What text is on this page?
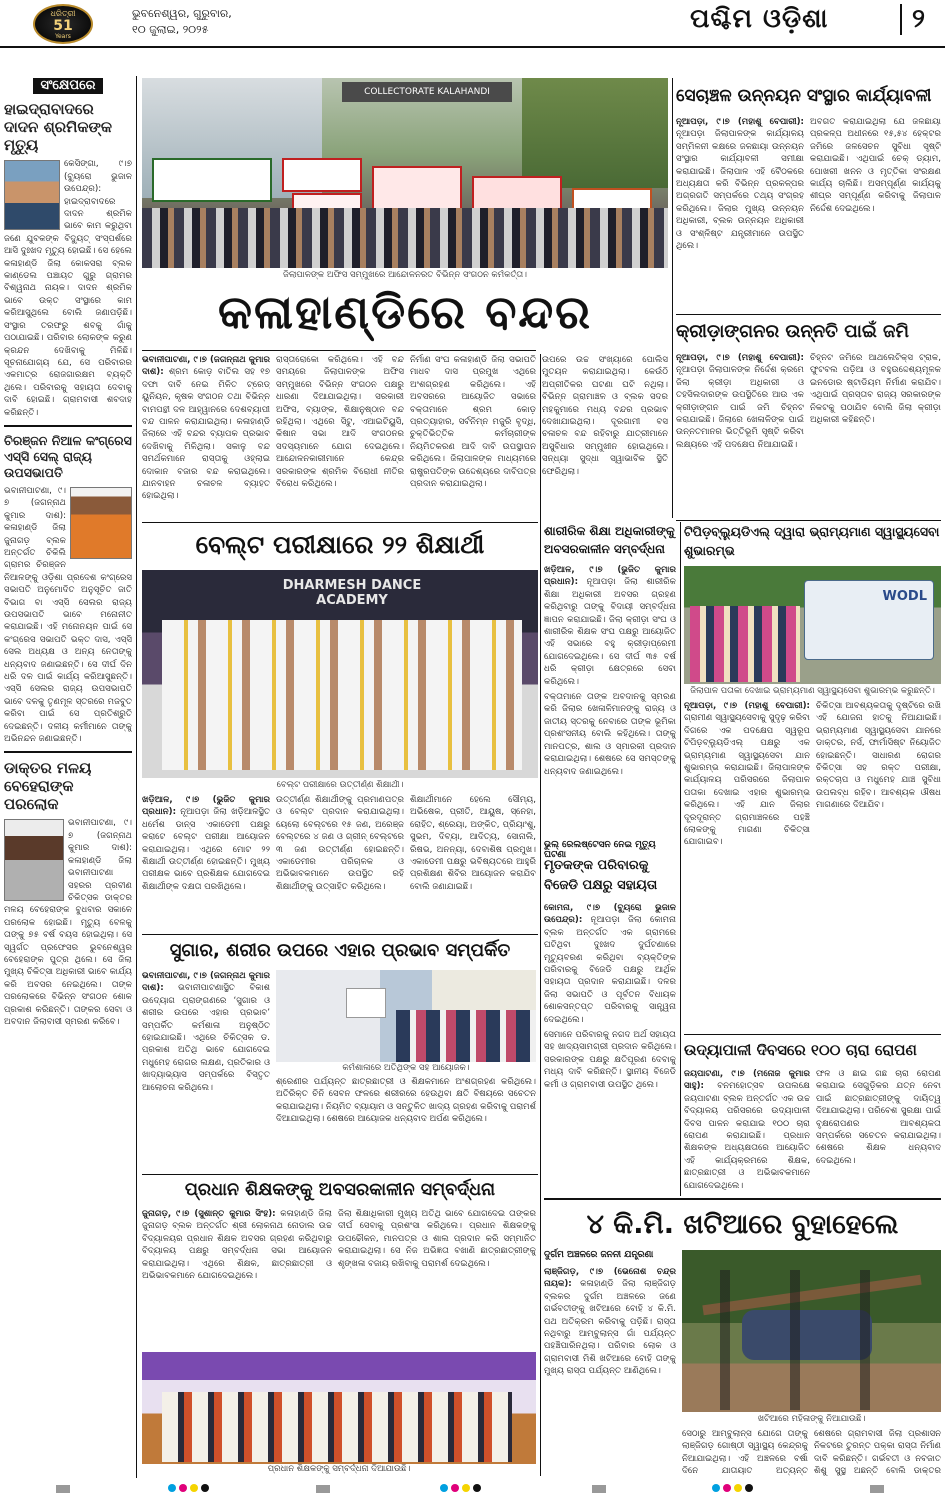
ଧରିତ୍ରୀ
51
Years
ଭୁବନେଶ୍ୱର, ଗୁରୁବାର,
୧୦ ଜୁଲାଇ, ୨୦୨୫	ପଶ୍ଚିମ ଓଡ଼ିଶା	୨
ସଂକ୍ଷେପରେ
ହାଇଦ୍ରାବାଦରେ ଦାଦନ ଶ୍ରମିକଙ୍କ ମୃତ୍ୟୁ

କେସିଙ୍ଗା, ୯।୭ (ବ୍ୟୁରୋ ଭୁଜାଳ ଉପେନ୍ଦ୍ର): ହାଇଦ୍ରାବାଦରେ ଦାଦନ ଶ୍ରମିକ ଭାବେ କାମ କରୁଥିବା ଜଣେ ଯୁବକଙ୍କ ବିଦ୍ୟୁତ୍ ସଂସ୍ପର୍ଶରେ ଆସି ଦୁଃଖଦ ମୃତ୍ୟୁ ହୋଇଛି। ସେ ହେଲେ କଳାହାଣ୍ଡି ଜିଲା କୋକସରା ବ୍ଲକ କାଣ୍ଡେଲ ପଞ୍ଚାୟତ ଗୁରୁ ଗ୍ରାମର ବିଶ୍ୱନାଥ ନାୟକ। ଦାଦନ ଶ୍ରମିକ ଭାବେ ଉକ୍ତ ସଂସ୍ଥାରେ କାମ କରିଆସୁଥିଲେ ବୋଲି ଜଣାପଡ଼ିଛି। ସଂସ୍ଥାର ତରଫରୁ ଶବକୁ ଗାଁକୁ ପଠାଯାଇଛି। ପରିବାର ଲୋକଙ୍କ କରୁଣ କ୍ରନ୍ଦନ ଦେଖିବାକୁ ମିଳିଛି। ସୂଚନାଯୋଗ୍ୟ ଯେ, ସେ ପରିବାରର ଏକମାତ୍ର ରୋଜଗାରକ୍ଷମ ବ୍ୟକ୍ତି ଥିଲେ। ପରିବାରକୁ ସହାୟତା ଦେବାକୁ ଦାବି ହୋଇଛି। ଗ୍ରାମବାସୀ ଶବଦାହ କରିଛନ୍ତି।

ଚିରଞ୍ଜନ ନିଆଳ କଂଗ୍ରେସ ଏସ୍‌ସି ସେଲ୍ ରାଜ୍ୟ ଉପସଭାପତି

ଭବାନୀପାଟଣା, ୯।୭ (ଜଗନ୍ନାଥ କୁମାର ଦାଶ): କଳାହାଣ୍ଡି ଜିଲା ଜୁନାଗଡ଼ ବ୍ଲକ ଅନ୍ତର୍ଗତ ଚିକିଲି ଗ୍ରାମର ଚିରଞ୍ଜନ ନିଆଳଙ୍କୁ ଓଡ଼ିଶା ପ୍ରଦେଶ କଂଗ୍ରେସ ସଭାପତି ଅନୁମୋଦିତ ଅନୁସୂଚିତ ଜାତି ବିଭାଗ ବା ଏସ୍‌ସି ସେଲର ରାଜ୍ୟ ଉପସଭାପତି ଭାବେ ମନୋନୀତ କରାଯାଇଛି। ଏହି ମନୋନୟନ ପାଇଁ ସେ କଂଗ୍ରେସ ସଭାପତି ଭକ୍ତ ଦାସ, ଏସ୍‌ସି ସେଲ ଅଧ୍ୟକ୍ଷ ଓ ଅନ୍ୟ ନେତାଙ୍କୁ ଧନ୍ୟବାଦ ଜଣାଇଛନ୍ତି। ସେ ଦୀର୍ଘ ଦିନ ଧରି ଦଳ ପାଇଁ କାର୍ଯ୍ୟ କରିଆସୁଛନ୍ତି। ଏସ୍‌ସି ସେଲର ରାଜ୍ୟ ଉପସଭାପତି ଭାବେ ଦଳକୁ ତୃଣମୂଳ ସ୍ତରରେ ମଜବୁତ କରିବା ପାଇଁ ସେ ପ୍ରତିଶ୍ରୁତି ଦେଇଛନ୍ତି। ଦଳୀୟ କର୍ମୀମାନେ ତାଙ୍କୁ ଅଭିନନ୍ଦନ ଜଣାଇଛନ୍ତି।

ଡାକ୍ତର ମଳୟ ବେହେରାଙ୍କ ପରଲୋକ

ଭବାନୀପାଟଣା, ୯।୭ (ଜଗନ୍ନାଥ କୁମାର ଦାଶ): କଳାହାଣ୍ଡି ଜିଲା ଭବାନୀପାଟଣା ସହରର ପ୍ରବୀଣ ଚିକିତ୍ସକ ଡାକ୍ତର ମଳୟ ବେହେରାଙ୍କ ବୁଧବାର ସକାଳେ ପରଲୋକ ହୋଇଛି। ମୃତ୍ୟୁ ବେଳକୁ ତାଙ୍କୁ ୭୫ ବର୍ଷ ବୟସ ହୋଇଥିଲା। ସେ ସ୍ୱର୍ଗତ ପ୍ରଫେସର ଭୁବନେଶ୍ୱର ବେହେରାଙ୍କ ପୁତ୍ର ଥିଲେ। ସେ ଜିଲା ମୁଖ୍ୟ ଚିକିତ୍ସା ଅଧିକାରୀ ଭାବେ କାର୍ଯ୍ୟ କରି ଅବସର ନେଇଥିଲେ। ତାଙ୍କ ପରଲୋକରେ ବିଭିନ୍ନ ସଂଗଠନ ଶୋକ ପ୍ରକାଶ କରିଛନ୍ତି। ତାଙ୍କର ସେବା ଓ ଅବଦାନ ଜିଲାବାସୀ ସ୍ମରଣ କରିବେ।

COLLECTORATE KALAHANDI
ଜିଲାପାଳଙ୍କ ଅଫିସ ସମ୍ମୁଖରେ ଆନ୍ଦୋଳନରତ ବିଭିନ୍ନ ସଂଗଠନ କର୍ମକର୍ତ୍ତା।
କଳାହାଣ୍ଡିରେ ବନ୍ଦର

ଭବାନୀପାଟଣା, ୯।୭ (ଜଗନ୍ନାଥ କୁମାର ଦାଶ): ଶ୍ରମ କୋଡ଼ ବାତିଲ ସହ ୧୭ ଦଫା ଦାବି ନେଇ ମିଳିତ ଟ୍ରେଡ୍ ୟୁନିୟନ, କୃଷକ ସଂଗଠନ ତଥା ବିଭିନ୍ନ ବାମପନ୍ଥୀ ଦଳ ଆହ୍ୱାନରେ ଦେଶବ୍ୟାପୀ ବନ୍ଦ ପାଳନ କରାଯାଇଥିଲା। କଳାହାଣ୍ଡି ଜିଲାରେ ଏହି ବନ୍ଦର ବ୍ୟାପକ ପ୍ରଭାବ ଦେଖିବାକୁ ମିଳିଥିଲା। ସକାଳୁ ବନ୍ଦ ସମର୍ଥକମାନେ ରାସ୍ତାକୁ ଓହ୍ଲାଇ ଦୋକାନ ବଜାର ବନ୍ଦ କରାଇଥିଲେ। ଯାନବାହନ ଚଳାଚଳ ବ୍ୟାହତ ହୋଇଥିଲା।

ରାସ୍ତାରୋକୋ କରିଥିଲେ। ଏହି ବନ୍ଦ ସମୟରେ ଜିଲାପାଳଙ୍କ ଅଫିସ ସମ୍ମୁଖରେ ବିଭିନ୍ନ ସଂଗଠନ ପକ୍ଷରୁ ଧାରଣା ଦିଆଯାଇଥିଲା। ସରକାରୀ ଅଫିସ, ବ୍ୟାଙ୍କ, ଶିକ୍ଷାନୁଷ୍ଠାନ ବନ୍ଦ ରହିଥିଲା। ଏଥିରେ ସିଟୁ, ଏଆଇଟିୟୁସି, କିଷାନ ସଭା ଆଦି ସଂଗଠନର ସଦସ୍ୟମାନେ ଯୋଗ ଦେଇଥିଲେ। ଆନ୍ଦୋଳନକାରୀମାନେ କେନ୍ଦ୍ର ସରକାରଙ୍କ ଶ୍ରମିକ ବିରୋଧୀ ନୀତିର ବିରୋଧ କରିଥିଲେ।

ନିର୍ମାଣ ସଂଘ କଳାହାଣ୍ଡି ଜିଲା ସଭାପତି ମାଧବ ଦାସ ପ୍ରମୁଖ ଏଥିରେ ଅଂଶଗ୍ରହଣ କରିଥିଲେ। ଏହି ଅବସରରେ ଆୟୋଜିତ ସଭାରେ ବକ୍ତାମାନେ ଶ୍ରମ କୋଡ଼ ପ୍ରତ୍ୟାହାର, ସର୍ବନିମ୍ନ ମଜୁରି ବୃଦ୍ଧି, ଚୁକ୍ତିଭିତ୍ତିକ କର୍ମଚାରୀଙ୍କ ନିୟମିତକରଣ ଆଦି ଦାବି ଉପସ୍ଥାପନ କରିଥିଲେ। ଜିଲାପାଳଙ୍କ ମାଧ୍ୟମରେ ରାଷ୍ଟ୍ରପତିଙ୍କ ଉଦ୍ଦେଶ୍ୟରେ ଦାବିପତ୍ର ପ୍ରଦାନ କରାଯାଇଥିଲା।

ଉପରେ ଉଚ୍ଚ ସଂଖ୍ୟାରେ ପୋଲିସ ମୁତୟନ କରାଯାଇଥିଲା। କେଉଁଠି ଅପ୍ରୀତିକର ଘଟଣା ଘଟି ନଥିଲା। ବିଭିନ୍ନ ଗ୍ରାମାଞ୍ଚଳ ଓ ବ୍ଲକ ସଦର ମହକୁମାରେ ମଧ୍ୟ ବନ୍ଦର ପ୍ରଭାବ ଦେଖାଯାଇଥିଲା। ଦୂରଗାମୀ ବସ ଚଳାଚଳ ବନ୍ଦ ରହିବାରୁ ଯାତ୍ରୀମାନେ ଅସୁବିଧାର ସମ୍ମୁଖୀନ ହୋଇଥିଲେ। ସନ୍ଧ୍ୟା ସୁଦ୍ଧା ସ୍ୱାଭାବିକ ସ୍ଥିତି ଫେରିଥିଲା।

ବେଲ୍ଟ ପରୀକ୍ଷାରେ ୨୨ ଶିକ୍ଷାର୍ଥୀ
DHARMESH DANCE ACADEMY
ବେଲ୍ଟ ପରୀକ୍ଷାରେ ଉତ୍ତୀର୍ଣ୍ଣ ଶିକ୍ଷାର୍ଥୀ।

ଖଡ଼ିଆଳ, ୯।୭ (ଭୁଜିତ କୁମାର ପ୍ରଧାନ): ନୂଆପଡ଼ା ଜିଲା ଖଡ଼ିଆଳସ୍ଥିତ ଧର୍ମେଶ ଡାନ୍ସ ଏକାଡେମୀ ପକ୍ଷରୁ କରାଟେ ବେଲ୍ଟ ପରୀକ୍ଷା ଆୟୋଜନ କରାଯାଇଥିଲା। ଏଥିରେ ମୋଟ ୨୨ ଶିକ୍ଷାର୍ଥୀ ଉତ୍ତୀର୍ଣ୍ଣ ହୋଇଛନ୍ତି। ମୁଖ୍ୟ ପରୀକ୍ଷକ ଭାବେ ପ୍ରଶିକ୍ଷକ ଯୋଗଦେଇ ଶିକ୍ଷାର୍ଥୀଙ୍କ ଦକ୍ଷତା ପରଖିଥିଲେ।

ଉତ୍ତୀର୍ଣ୍ଣ ଶିକ୍ଷାର୍ଥୀଙ୍କୁ ପ୍ରମାଣପତ୍ର ଓ ବେଲ୍ଟ ପ୍ରଦାନ କରାଯାଇଥିଲା। ୟେଲୋ ବେଲ୍ଟରେ ୧୫ ଜଣ, ଅରେଞ୍ଜ ବେଲ୍ଟରେ ୪ ଜଣ ଓ ଗ୍ରୀନ୍ ବେଲ୍ଟରେ ୩ ଜଣ ଉତ୍ତୀର୍ଣ୍ଣ ହୋଇଛନ୍ତି। ଏକାଡେମୀର ପରିଚାଳକ ଓ ଅଭିଭାବକମାନେ ଉପସ୍ଥିତ ରହି ଶିକ୍ଷାର୍ଥୀଙ୍କୁ ଉତ୍ସାହିତ କରିଥିଲେ।

ଶିକ୍ଷାର୍ଥୀମାନେ ହେଲେ ସୌମ୍ୟ, ଅଭିଷେକ, ପ୍ରୀତି, ଆୟୁଷ, ସ୍ନେହା, ରୋହିତ, ଶ୍ରେୟା, ଅଙ୍କିତ, ପ୍ରିୟାଂଶୁ, ସୁଭମ, ଦିବ୍ୟା, ଆଦିତ୍ୟ, ସୋନାଲି, ରିଷଭ, ଅନନ୍ୟା, ଦେବାଶିଷ ପ୍ରମୁଖ। ଏକାଡେମୀ ପକ୍ଷରୁ ଭବିଷ୍ୟତରେ ଆହୁରି ପ୍ରଶିକ୍ଷଣ ଶିବିର ଆୟୋଜନ କରାଯିବ ବୋଲି ଜଣାଯାଇଛି।

ସୁଗାର, ଶରୀର ଉପରେ ଏହାର ପ୍ରଭାବ ସମ୍ପର୍କିତ

ଭବାନୀପାଟଣା, ୯।୭ (ଜଗନ୍ନାଥ କୁମାର ଦାଶ): ଭବାନୀପାଟଣାସ୍ଥିତ ବିକାଶ ଉଦ୍ୟୋଗ ପ୍ରାଙ୍ଗଣରେ ‘ସୁଗାର ଓ ଶରୀର ଉପରେ ଏହାର ପ୍ରଭାବ’ ସମ୍ପର୍କିତ କର୍ମଶାଳା ଅନୁଷ୍ଠିତ ହୋଇଯାଇଛି। ଏଥିରେ ଚିକିତ୍ସକ ଡ. ପ୍ରକାଶ ଅତିଥି ଭାବେ ଯୋଗଦେଇ ମଧୁମେହ ରୋଗର ଲକ୍ଷଣ, ପ୍ରତିକାର ଓ ଖାଦ୍ୟାଭ୍ୟାସ ସମ୍ପର୍କରେ ବିସ୍ତୃତ ଆଲୋଚନା କରିଥିଲେ।

କର୍ମଶାଳାରେ ଅତିଥିଙ୍କ ସହ ଆୟୋଜକ।

ଶ୍ରେଣୀର ପର୍ଯ୍ୟନ୍ତ ଛାତ୍ରଛାତ୍ରୀ ଓ ଶିକ୍ଷକମାନେ ଅଂଶଗ୍ରହଣ କରିଥିଲେ। ଅତିରିକ୍ତ ଚିନି ସେବନ ଫଳରେ ଶରୀରରେ ହେଉଥିବା କ୍ଷତି ବିଷୟରେ ସଚେତନ କରାଯାଇଥିଲା। ନିୟମିତ ବ୍ୟାୟାମ ଓ ସନ୍ତୁଳିତ ଖାଦ୍ୟ ଗ୍ରହଣ କରିବାକୁ ପରାମର୍ଶ ଦିଆଯାଇଥିଲା। ଶେଷରେ ଆୟୋଜକ ଧନ୍ୟବାଦ ଅର୍ପଣ କରିଥିଲେ।

ପ୍ରଧାନ ଶିକ୍ଷକଙ୍କୁ ଅବସରକାଳୀନ ସମ୍ବର୍ଦ୍ଧନା

ଜୁନାଗଡ଼, ୯।୭ (ସୁଶାନ୍ତ କୁମାର ସିଂହ): କଳାହାଣ୍ଡି ଜିଲା ଜୁନାଗଡ଼ ବ୍ଲକ ଅନ୍ତର୍ଗତ ଶ୍ରୀ ଲୋକନାଥ ନୋଡାଲ ଉଚ୍ଚ ବିଦ୍ୟାଳୟର ପ୍ରଧାନ ଶିକ୍ଷକ ଅବସର ଗ୍ରହଣ କରିଥିବାରୁ ବିଦ୍ୟାଳୟ ପକ୍ଷରୁ ସମ୍ବର୍ଦ୍ଧନା ସଭା ଆୟୋଜନ କରାଯାଇଥିଲା। ଏଥିରେ ଶିକ୍ଷକ, ଛାତ୍ରଛାତ୍ରୀ ଓ ଅଭିଭାବକମାନେ ଯୋଗଦେଇଥିଲେ।

ଜିଲା ଶିକ୍ଷାଧିକାରୀ ମୁଖ୍ୟ ଅତିଥି ଭାବେ ଯୋଗଦେଇ ତାଙ୍କର ଦୀର୍ଘ ସେବାକୁ ପ୍ରଶଂସା କରିଥିଲେ। ପ୍ରଧାନ ଶିକ୍ଷକଙ୍କୁ ଉପଢୌକନ, ମାନପତ୍ର ଓ ଶାଲ ପ୍ରଦାନ କରି ସମ୍ମାନିତ କରାଯାଇଥିଲା। ସେ ନିଜ ଅଭିଜ୍ଞତା ବଖାଣି ଛାତ୍ରଛାତ୍ରୀଙ୍କୁ ଶୃଙ୍ଖଳା ବଜାୟ ରଖିବାକୁ ପରାମର୍ଶ ଦେଇଥିଲେ।

ପ୍ରଧାନ ଶିକ୍ଷକଙ୍କୁ ସମ୍ବର୍ଦ୍ଧନା ଦିଆଯାଉଛି।
ଶାରୀରିକ ଶିକ୍ଷା ଅଧିକାରୀଙ୍କୁ ଅବସରକାଳୀନ ସମ୍ବର୍ଦ୍ଧନା

ଖଡ଼ିଆଳ, ୯।୭ (ଭୁଜିତ କୁମାର ପ୍ରଧାନ): ନୂଆପଡ଼ା ଜିଲା ଶାରୀରିକ ଶିକ୍ଷା ଅଧିକାରୀ ଅବସର ଗ୍ରହଣ କରିଥିବାରୁ ତାଙ୍କୁ ବିଦାୟୀ ସମ୍ବର୍ଦ୍ଧନା ଜ୍ଞାପନ କରାଯାଇଛି। ଜିଲା କ୍ରୀଡ଼ା ସଂଘ ଓ ଶାରୀରିକ ଶିକ୍ଷକ ସଂଘ ପକ୍ଷରୁ ଆୟୋଜିତ ଏହି ସଭାରେ ବହୁ କ୍ରୀଡ଼ାପ୍ରେମୀ ଯୋଗଦେଇଥିଲେ। ସେ ଦୀର୍ଘ ୩୫ ବର୍ଷ ଧରି କ୍ରୀଡ଼ା କ୍ଷେତ୍ରରେ ସେବା କରିଥିଲେ।

ବକ୍ତାମାନେ ତାଙ୍କ ଅବଦାନକୁ ସ୍ମରଣ କରି ଜିଲାର ଖେଳାଳିମାନଙ୍କୁ ରାଜ୍ୟ ଓ ଜାତୀୟ ସ୍ତରକୁ ନେବାରେ ତାଙ୍କ ଭୂମିକା ପ୍ରଶଂସନୀୟ ବୋଲି କହିଥିଲେ। ତାଙ୍କୁ ମାନପତ୍ର, ଶାଲ ଓ ସ୍ମାରକୀ ପ୍ରଦାନ କରାଯାଇଥିଲା। ଶେଷରେ ସେ ସମସ୍ତଙ୍କୁ ଧନ୍ୟବାଦ ଜଣାଇଥିଲେ।

ଭୁଲ୍ ରେଲଷ୍ଟେସନ ନେଇ ମୃତ୍ୟୁ ଘଟଣା
ମୃତକଙ୍କ ପରିବାରକୁ ବିଜେଡି ପକ୍ଷରୁ ସହାୟତା

କୋମନା, ୯।୭ (ବ୍ୟୁରୋ ଭୁଜାଳ ଉପେନ୍ଦ୍ର): ନୂଆପଡ଼ା ଜିଲା କୋମନା ବ୍ଲକ ଅନ୍ତର୍ଗତ ଏକ ଗ୍ରାମରେ ଘଟିଥିବା ଦୁଃଖଦ ଦୁର୍ଘଟଣାରେ ମୃତ୍ୟୁବରଣ କରିଥିବା ବ୍ୟକ୍ତିଙ୍କ ପରିବାରକୁ ବିଜେଡି ପକ୍ଷରୁ ଆର୍ଥିକ ସହାୟତା ପ୍ରଦାନ କରାଯାଇଛି। ଦଳର ଜିଲା ସଭାପତି ଓ ପୂର୍ବତନ ବିଧାୟକ ଶୋକସନ୍ତପ୍ତ ପରିବାରକୁ ସାନ୍ତ୍ୱନା ଦେଇଥିଲେ।

ସେମାନେ ପରିବାରକୁ ନଗଦ ଅର୍ଥ ସହାୟତା ସହ ଖାଦ୍ୟସାମଗ୍ରୀ ପ୍ରଦାନ କରିଥିଲେ। ସରକାରଙ୍କ ପକ୍ଷରୁ କ୍ଷତିପୂରଣ ଦେବାକୁ ମଧ୍ୟ ଦାବି କରିଛନ୍ତି। ସ୍ଥାନୀୟ ବିଜେଡି କର୍ମୀ ଓ ଗ୍ରାମବାସୀ ଉପସ୍ଥିତ ଥିଲେ।

ସେଚାଞ୍ଚଳ ଉନ୍ନୟନ ସଂସ୍ଥାର କାର୍ଯ୍ୟାବଳୀ

ନୂଆପଡ଼ା, ୯।୭ (ମହାଶୁ ବେପାରୀ): ନୂଆପଡ଼ା ଜିଲାପାଳଙ୍କ କାର୍ଯ୍ୟାଳୟ ସମ୍ମିଳନୀ କକ୍ଷରେ ଜଳଛାୟା ଉନ୍ନୟନ ସଂସ୍ଥାର କାର୍ଯ୍ୟାବଳୀ ସମୀକ୍ଷା କରାଯାଇଛି। ଜିଲାପାଳ ଏହି ବୈଠକରେ ଅଧ୍ୟକ୍ଷତା କରି ବିଭିନ୍ନ ପ୍ରକଳ୍ପର ଅଗ୍ରଗତି ସମ୍ପର୍କରେ ତଥ୍ୟ ସଂଗ୍ରହ କରିଥିଲେ। ଜିଲାର ମୁଖ୍ୟ ଉନ୍ନୟନ ଅଧିକାରୀ, ବ୍ଲକ ଉନ୍ନୟନ ଅଧିକାରୀ ଓ ସଂଶ୍ଳିଷ୍ଟ ଯନ୍ତ୍ରୀମାନେ ଉପସ୍ଥିତ ଥିଲେ।

ଅବଗତ କରାଯାଇଥିଲା ଯେ ଜଳଛାୟା ପ୍ରକଳ୍ପ ଅଧୀନରେ ୧୫,୫୪ ହେକ୍ଟର ଜମିରେ ଜଳସେଚନ ସୁବିଧା ସୃଷ୍ଟି କରାଯାଇଛି। ଏଥିପାଇଁ ଚେକ୍ ଡ୍ୟାମ, ପୋଖରୀ ଖନନ ଓ ମୃତ୍ତିକା ସଂରକ୍ଷଣ କାର୍ଯ୍ୟ ଚାଲିଛି। ଅସମ୍ପୂର୍ଣ୍ଣ କାର୍ଯ୍ୟକୁ ଶୀଘ୍ର ସମ୍ପୂର୍ଣ୍ଣ କରିବାକୁ ଜିଲାପାଳ ନିର୍ଦ୍ଦେଶ ଦେଇଥିଲେ।

କ୍ରୀଡ଼ାଙ୍ଗନର ଉନ୍ନତି ପାଇଁ ଜମି

ନୂଆପଡ଼ା, ୯।୭ (ମହାଶୁ ବେପାରୀ): ନୂଆପଡ଼ା ଜିଲାପାଳଙ୍କ ନିର୍ଦ୍ଦେଶ କ୍ରମେ ଜିଲା କ୍ରୀଡ଼ା ଅଧିକାରୀ ଓ ତହସିଲଦାରଙ୍କ ଉପସ୍ଥିତିରେ ଆଉ ଏକ କ୍ରୀଡ଼ାଙ୍ଗନ ପାଇଁ ଜମି ଚିହ୍ନଟ କରାଯାଇଛି। ଜିଲାରେ ଖେଳାଳିଙ୍କ ପାଇଁ ଉନ୍ନତମାନର ଭିତ୍ତିଭୂମି ସୃଷ୍ଟି କରିବା ଲକ୍ଷ୍ୟରେ ଏହି ପଦକ୍ଷେପ ନିଆଯାଇଛି।

ଚିହ୍ନଟ ଜମିରେ ଆଥଲେଟିକ୍ସ ଟ୍ରାକ, ଫୁଟବଲ ପଡ଼ିଆ ଓ ବହୁଉଦ୍ଦେଶ୍ୟମୂଳକ ଇନଡୋର ଷ୍ଟାଡିୟମ ନିର୍ମାଣ କରାଯିବ। ଏଥିପାଇଁ ପ୍ରସ୍ତାବ ରାଜ୍ୟ ସରକାରଙ୍କ ନିକଟକୁ ପଠାଯିବ ବୋଲି ଜିଲା କ୍ରୀଡ଼ା ଅଧିକାରୀ କହିଛନ୍ତି।

ଟିପିଡ଼ବ୍ଲ୍ୟୁଡିଏଲ୍ ଦ୍ୱାରା ଭ୍ରାମ୍ୟମାଣ ସ୍ୱାସ୍ଥ୍ୟସେବା ଶୁଭାରମ୍ଭ
WODL
ଜିଲାପାଳ ପତାକା ଦେଖାଇ ଭ୍ରାମ୍ୟମାଣ ସ୍ୱାସ୍ଥ୍ୟସେବା ଶୁଭାରମ୍ଭ କରୁଛନ୍ତି।

ନୂଆପଡ଼ା, ୯।୭ (ମହାଶୁ ବେପାରୀ): ଗ୍ରାମୀଣ ସ୍ୱାସ୍ଥ୍ୟସେବାକୁ ସୁଦୃଢ଼ କରିବା ଦିଗରେ ଏକ ପଦକ୍ଷେପ ସ୍ୱରୂପ ଟିପିଡ଼ବ୍ଲ୍ୟୁଡିଏଲ୍ ପକ୍ଷରୁ ଏକ ଭ୍ରାମ୍ୟମାଣ ସ୍ୱାସ୍ଥ୍ୟସେବା ଯାନ ଶୁଭାରମ୍ଭ କରାଯାଇଛି। ଜିଲାପାଳଙ୍କ କାର୍ଯ୍ୟାଳୟ ପରିସରରେ ଜିଲାପାଳ ପତାକା ଦେଖାଇ ଏହାର ଶୁଭାରମ୍ଭ କରିଥିଲେ। ଏହି ଯାନ ଜିଲାର ଦୂରଦୂରାନ୍ତ ଗ୍ରାମାଞ୍ଚଳରେ ପହଞ୍ଚି ଲୋକଙ୍କୁ ମାଗଣା ଚିକିତ୍ସା ଯୋଗାଇବ।

ଚିକିତ୍ସା ଆବଶ୍ୟକତାକୁ ଦୃଷ୍ଟିରେ ରଖି ଏହି ଯୋଜନା ହାତକୁ ନିଆଯାଇଛି। ଭ୍ରାମ୍ୟମାଣ ସ୍ୱାସ୍ଥ୍ୟସେବା ଯାନରେ ଡାକ୍ତର, ନର୍ସ, ଫାର୍ମାସିଷ୍ଟ ନିୟୋଜିତ ହୋଇଛନ୍ତି। ସାଧାରଣ ରୋଗର ଚିକିତ୍ସା ସହ ରକ୍ତ ପରୀକ୍ଷା, ରକ୍ତଚାପ ଓ ମଧୁମେହ ଯାଞ୍ଚ ସୁବିଧା ଉପଲବ୍ଧ ରହିବ। ଆବଶ୍ୟକ ଔଷଧ ମାଗଣାରେ ଦିଆଯିବ।

ଉଦ୍ୟାପାଳୀ ଦିବସରେ ୧୦୦ ଚାରା ରୋପଣ

ଜୟପାଟଣା, ୯।୭ (ମନୋଜ କୁମାର ସାହୁ): ବନମହୋତ୍ସବ ଉପଲକ୍ଷେ ଜୟପାଟଣା ବ୍ଲକ ଅନ୍ତର୍ଗତ ଏକ ଉଚ୍ଚ ବିଦ୍ୟାଳୟ ପରିସରରେ ଉଦ୍ୟାପାଳୀ ଦିବସ ପାଳନ କରାଯାଇ ୧୦୦ ଚାରା ରୋପଣ କରାଯାଇଛି। ପ୍ରଧାନ ଶିକ୍ଷକଙ୍କ ଅଧ୍ୟକ୍ଷତାରେ ଆୟୋଜିତ ଏହି କାର୍ଯ୍ୟକ୍ରମରେ ଶିକ୍ଷକ, ଛାତ୍ରଛାତ୍ରୀ ଓ ଅଭିଭାବକମାନେ ଯୋଗଦେଇଥିଲେ।

ଫଳ ଓ ଛାଇ ଗଛ ଚାରା ରୋପଣ କରାଯାଇ ସେଗୁଡ଼ିକର ଯତ୍ନ ନେବା ପାଇଁ ଛାତ୍ରଛାତ୍ରୀଙ୍କୁ ଦାୟିତ୍ୱ ଦିଆଯାଇଥିଲା। ପରିବେଶ ସୁରକ୍ଷା ପାଇଁ ବୃକ୍ଷରୋପଣର ଆବଶ୍ୟକତା ସମ୍ପର୍କରେ ସଚେତନ କରାଯାଇଥିଲା। ଶେଷରେ ଶିକ୍ଷକ ଧନ୍ୟବାଦ ଦେଇଥିଲେ।

୪ କି.ମି. ଖଟିଆରେ ବୁହାହେଲେ
ଦୁର୍ଗମ ଅଞ୍ଚଳରେ ଜନନୀ ଯନ୍ତ୍ରଣା

ଲାଞ୍ଜିଗଡ଼, ୯।୭ (ଭେନୋଶ ଚନ୍ଦ୍ର ନାୟକ): କଳାହାଣ୍ଡି ଜିଲା ଲାଞ୍ଜିଗଡ଼ ବ୍ଲକର ଦୁର୍ଗମ ଅଞ୍ଚଳରେ ଜଣେ ଗର୍ଭବତୀଙ୍କୁ ଖଟିଆରେ ବୋହି ୪ କି.ମି. ପଥ ଅତିକ୍ରମ କରିବାକୁ ପଡ଼ିଛି। ରାସ୍ତା ନଥିବାରୁ ଆମ୍ବୁଲାନ୍ସ ଗାଁ ପର୍ଯ୍ୟନ୍ତ ପହଞ୍ଚିପାରିନଥିଲା। ପରିବାର ଲୋକ ଓ ଗ୍ରାମବାସୀ ମିଶି ଖଟିଆରେ ବୋହି ତାଙ୍କୁ ମୁଖ୍ୟ ରାସ୍ତା ପର୍ଯ୍ୟନ୍ତ ଆଣିଥିଲେ।

ଖଟିଆରେ ମହିଳାଙ୍କୁ ନିଆଯାଉଛି।

ସେଠାରୁ ଆମ୍ବୁଲାନ୍ସ ଯୋଗେ ତାଙ୍କୁ ଲାଞ୍ଜିଗଡ଼ ଗୋଷ୍ଠୀ ସ୍ୱାସ୍ଥ୍ୟ କେନ୍ଦ୍ରକୁ ନିଆଯାଇଥିଲା। ଏହି ଅଞ୍ଚଳରେ ବର୍ଷା ଦିନେ ଯାତାୟାତ ଅତ୍ୟନ୍ତ

ଶେଷରେ ଗ୍ରାମବାସୀ ଜିଲା ପ୍ରଶାସନ ନିକଟରେ ତୁରନ୍ତ ପକ୍କା ରାସ୍ତା ନିର୍ମାଣ ଦାବି କରିଛନ୍ତି। ଗର୍ଭବତୀ ଓ ନବଜାତ ଶିଶୁ ସୁସ୍ଥ ଅଛନ୍ତି ବୋଲି ଡାକ୍ତର
